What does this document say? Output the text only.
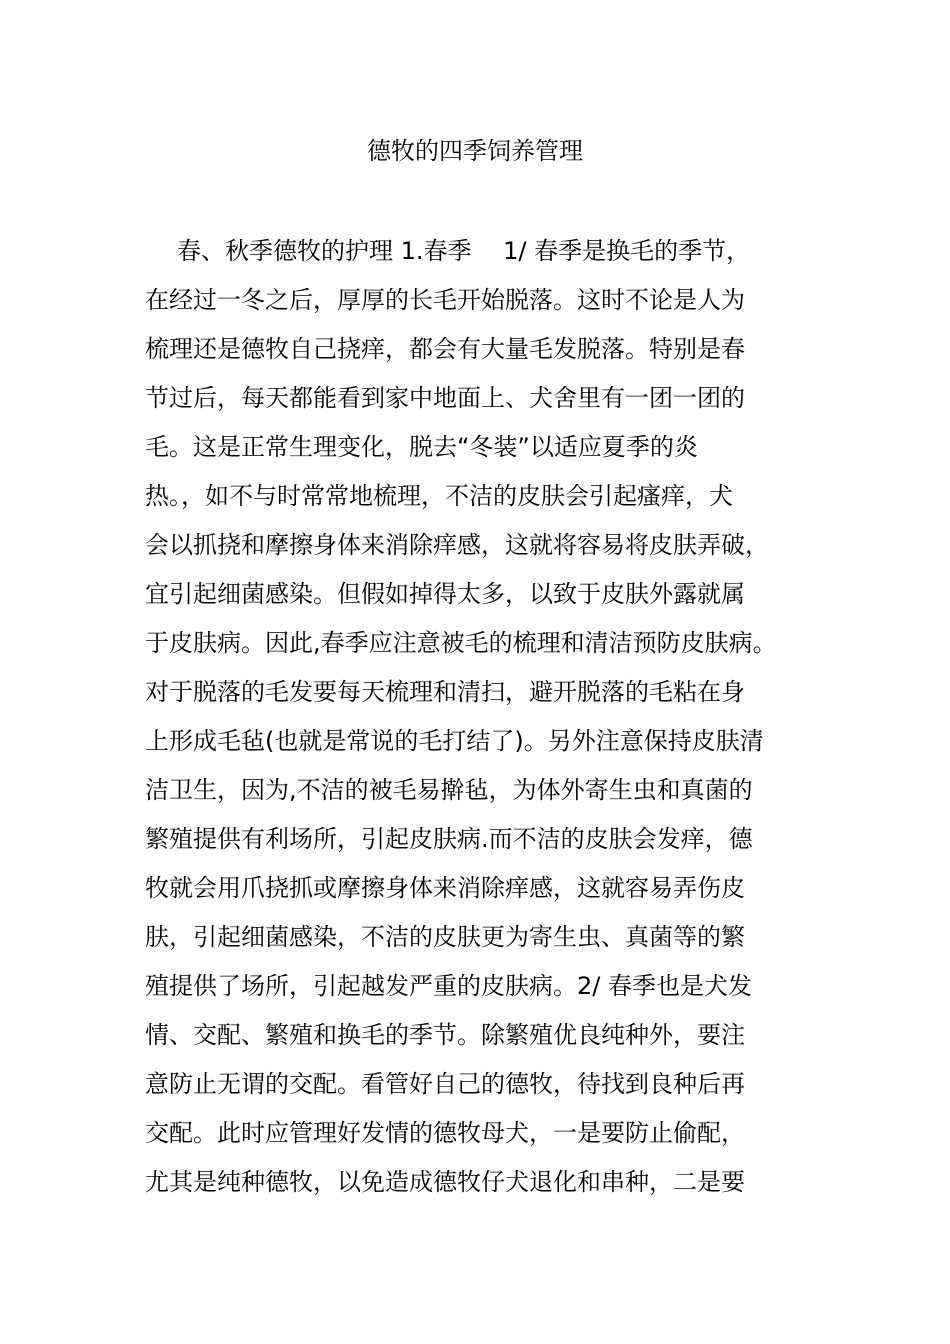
德牧的四季饲养管理
春、秋季德牧的护理 1.春季　 1/ 春季是换毛的季节，
在经过一冬之后，厚厚的长毛开始脱落。这时不论是人为
梳理还是德牧自己挠痒，都会有大量毛发脱落。特别是春
节过后，每天都能看到家中地面上、犬舍里有一团一团的
毛。这是正常生理变化，脱去“冬装”以适应夏季的炎
热。，如不与时常常地梳理，不洁的皮肤会引起瘙痒，犬
会以抓挠和摩擦身体来消除痒感，这就将容易将皮肤弄破，
宜引起细菌感染。但假如掉得太多，以致于皮肤外露就属
于皮肤病。因此,春季应注意被毛的梳理和清洁预防皮肤病。
对于脱落的毛发要每天梳理和清扫，避开脱落的毛粘在身
上形成毛毡(也就是常说的毛打结了)。另外注意保持皮肤清
洁卫生，因为,不洁的被毛易擀毡，为体外寄生虫和真菌的
繁殖提供有利场所，引起皮肤病.而不洁的皮肤会发痒，德
牧就会用爪挠抓或摩擦身体来消除痒感，这就容易弄伤皮
肤，引起细菌感染，不洁的皮肤更为寄生虫、真菌等的繁
殖提供了场所，引起越发严重的皮肤病。2/ 春季也是犬发
情、交配、繁殖和换毛的季节。除繁殖优良纯种外，要注
意防止无谓的交配。看管好自己的德牧，待找到良种后再
交配。此时应管理好发情的德牧母犬，一是要防止偷配，
尤其是纯种德牧，以免造成德牧仔犬退化和串种，二是要
